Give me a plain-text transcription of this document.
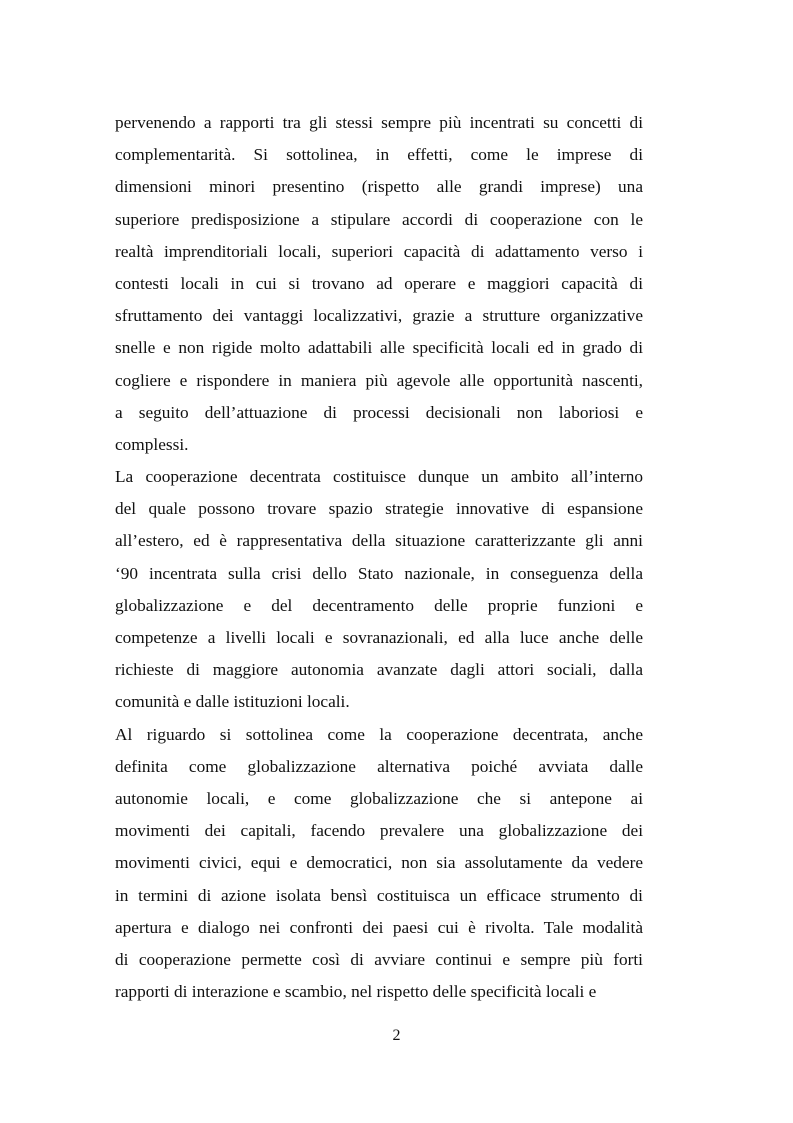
pervenendo a rapporti tra gli stessi sempre più incentrati su concetti di
complementarità. Si sottolinea, in effetti, come le imprese di
dimensioni minori presentino (rispetto alle grandi imprese) una
superiore predisposizione a stipulare accordi di cooperazione con le
realtà imprenditoriali locali, superiori capacità di adattamento verso i
contesti locali in cui si trovano ad operare e maggiori capacità di
sfruttamento dei vantaggi localizzativi, grazie a strutture organizzative
snelle e non rigide molto adattabili alle specificità locali ed in grado di
cogliere e rispondere in maniera più agevole alle opportunità nascenti,
a seguito dell’attuazione di processi decisionali non laboriosi e
complessi.
La cooperazione decentrata costituisce dunque un ambito all’interno
del quale possono trovare spazio strategie innovative di espansione
all’estero, ed è rappresentativa della situazione caratterizzante gli anni
‘90 incentrata sulla crisi dello Stato nazionale, in conseguenza della
globalizzazione e del decentramento delle proprie funzioni e
competenze a livelli locali e sovranazionali, ed alla luce anche delle
richieste di maggiore autonomia avanzate dagli attori sociali, dalla
comunità e dalle istituzioni locali.
Al riguardo si sottolinea come la cooperazione decentrata, anche
definita come globalizzazione alternativa poiché avviata dalle
autonomie locali, e come globalizzazione che si antepone ai
movimenti dei capitali, facendo prevalere una globalizzazione dei
movimenti civici, equi e democratici, non sia assolutamente da vedere
in termini di azione isolata bensì costituisca un efficace strumento di
apertura e dialogo nei confronti dei paesi cui è rivolta. Tale modalità
di cooperazione permette così di avviare continui e sempre più forti
rapporti di interazione e scambio, nel rispetto delle specificità locali e
2
